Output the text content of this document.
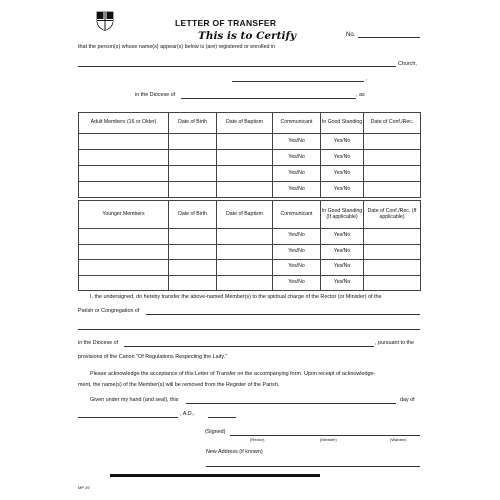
LETTER OF TRANSFER
This is to Certify	No.
that the person(s) whose name(s) appear(s) below is (are) registered or enrolled in
Church,
,
in the Diocese of	, as
Adult Members (16 or Older)	Date of Birth	Date of Baptism	Communicant	In Good Standing	Date of Conf./Rec.
			Yes/No	Yes/No	
			Yes/No	Yes/No	
			Yes/No	Yes/No	
			Yes/No	Yes/No	
Younger Members	Date of Birth	Date of Baptism	Communicant	In Good Standing (If applicable)	Date of Conf./Rec. (If applicable)
			Yes/No	Yes/No	
			Yes/No	Yes/No	
			Yes/No	Yes/No	
			Yes/No	Yes/No	
I, the undersigned, do hereby transfer the above-named Member(s) to the spiritual charge of the Rector (or Minister) of the
Parish or Congregation of
in the Diocese of	, pursuant to the
provisions of the Canon "Of Regulations Respecting the Laity."
Please acknowledge the acceptance of this Letter of Transfer on the accompanying form. Upon receipt of acknowledge-
ment, the name(s) of the Member(s) will be removed from the Register of the Parish.
Given under my hand (and seal), this	day of
, A.D.,
(Signed)
(Rector)	(Minister)	(Warden)
New Address (if known)
MP 29
